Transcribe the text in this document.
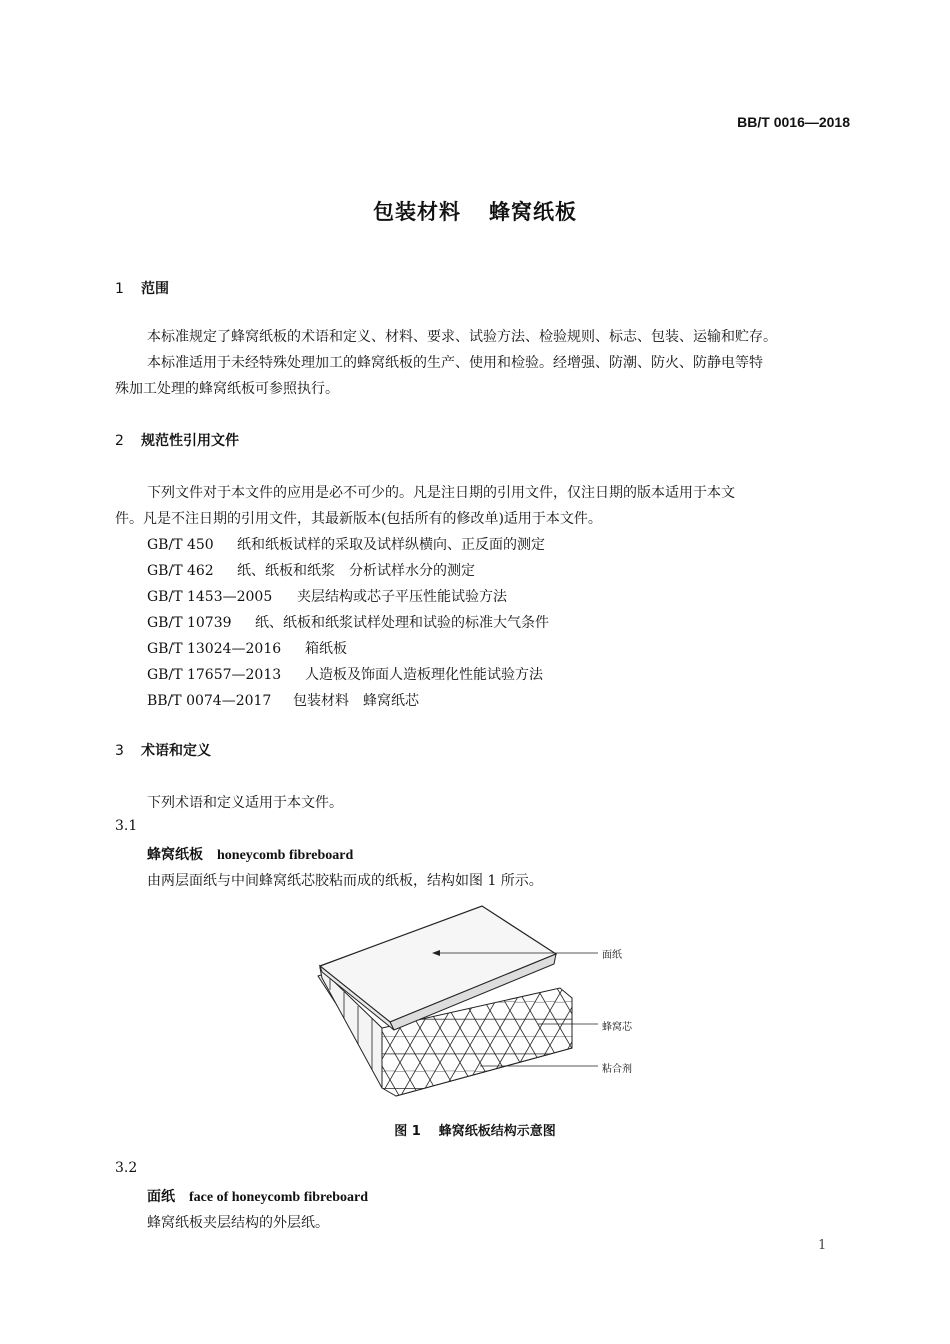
BB/T 0016—2018
包装材料 蜂窝纸板
1 范围
本标准规定了蜂窝纸板的术语和定义、材料、要求、试验方法、检验规则、标志、包装、运输和贮存。
本标准适用于未经特殊处理加工的蜂窝纸板的生产、使用和检验。经增强、防潮、防火、防静电等特
殊加工处理的蜂窝纸板可参照执行。
2 规范性引用文件
下列文件对于本文件的应用是必不可少的。凡是注日期的引用文件，仅注日期的版本适用于本文
件。凡是不注日期的引用文件，其最新版本(包括所有的修改单)适用于本文件。
GB/T 450 纸和纸板试样的采取及试样纵横向、正反面的测定
GB/T 462 纸、纸板和纸浆　分析试样水分的测定
GB/T 1453—2005 夹层结构或芯子平压性能试验方法
GB/T 10739 纸、纸板和纸浆试样处理和试验的标准大气条件
GB/T 13024—2016 箱纸板
GB/T 17657—2013 人造板及饰面人造板理化性能试验方法
BB/T 0074—2017 包装材料　蜂窝纸芯
3 术语和定义
下列术语和定义适用于本文件。
3.1
蜂窝纸板 honeycomb fibreboard
由两层面纸与中间蜂窝纸芯胶粘而成的纸板，结构如图 1 所示。
面纸
蜂窝芯
粘合剂
图 1 蜂窝纸板结构示意图
3.2
面纸 face of honeycomb fibreboard
蜂窝纸板夹层结构的外层纸。
1
